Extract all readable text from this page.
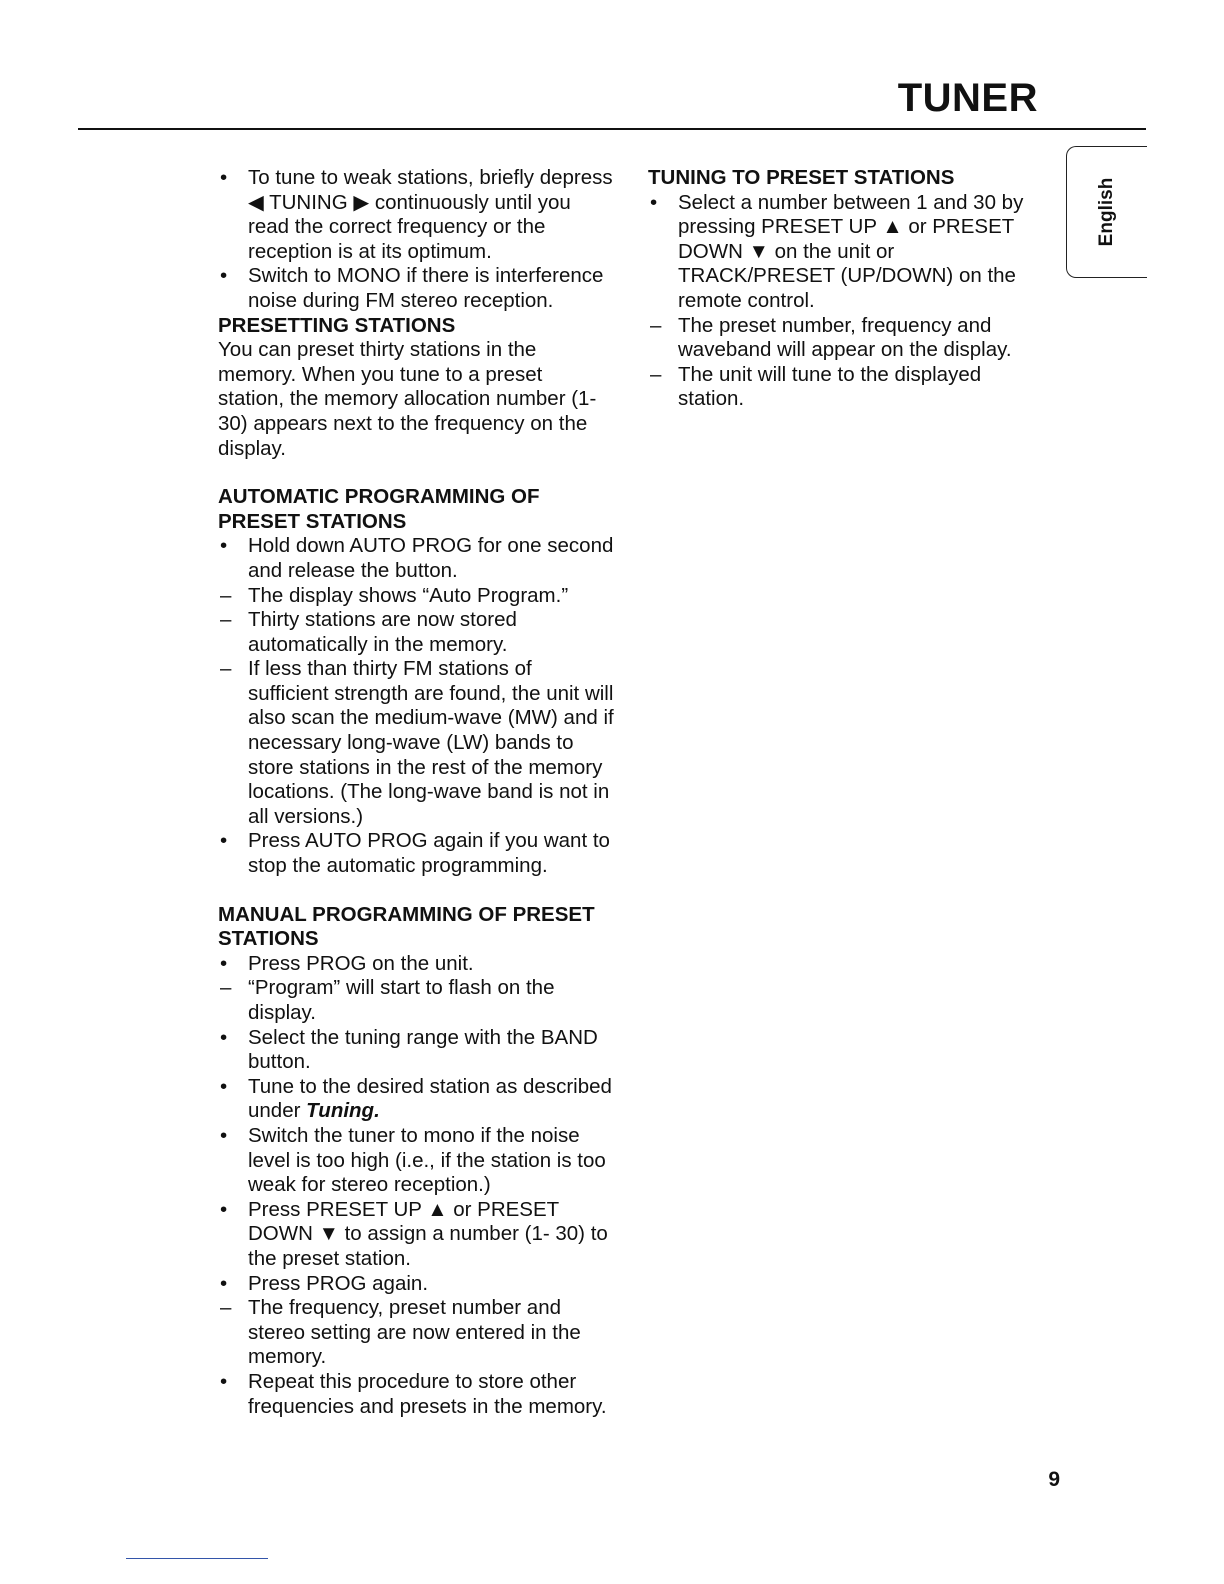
TUNER
English
•	To tune to weak stations, briefly depress ◀ TUNING ▶ continuously until you read the correct frequency or the reception is at its optimum.
•	Switch to MONO if there is interference noise during FM stereo reception.
PRESETTING STATIONS

You can preset thirty stations in the memory. When you tune to a preset station, the memory allocation number (1-30) appears next to the frequency on the display.

AUTOMATIC PROGRAMMING OF PRESET STATIONS
•	Hold down AUTO PROG for one second and release the button.
– The display shows “Auto Program.”
– Thirty stations are now stored automatically in the memory.
– If less than thirty FM stations of sufficient strength are found, the unit will also scan the medium-wave (MW) and if necessary long-wave (LW) bands to store stations in the rest of the memory locations. (The long-wave band is not in all versions.)
•	Press AUTO PROG again if you want to stop the automatic programming.
MANUAL PROGRAMMING OF PRESET STATIONS
•	Press PROG on the unit.
– “Program” will start to flash on the display.
•	Select the tuning range with the BAND button.
•	Tune to the desired station as described under Tuning.
•	Switch the tuner to mono if the noise level is too high (i.e., if the station is too weak for stereo reception.)
•	Press PRESET UP ▲ or PRESET DOWN ▼ to assign a number (1- 30) to the preset station.
•	Press PROG again.
– The frequency, preset number and stereo setting are now entered in the memory.
•	Repeat this procedure to store other frequencies and presets in the memory.
TUNING TO PRESET STATIONS
•	Select a number between 1 and 30 by pressing PRESET UP ▲ or PRESET DOWN ▼ on the unit or TRACK/PRESET (UP/DOWN) on the remote control.
– The preset number, frequency and waveband will appear on the display.
– The unit will tune to the displayed station.
9
